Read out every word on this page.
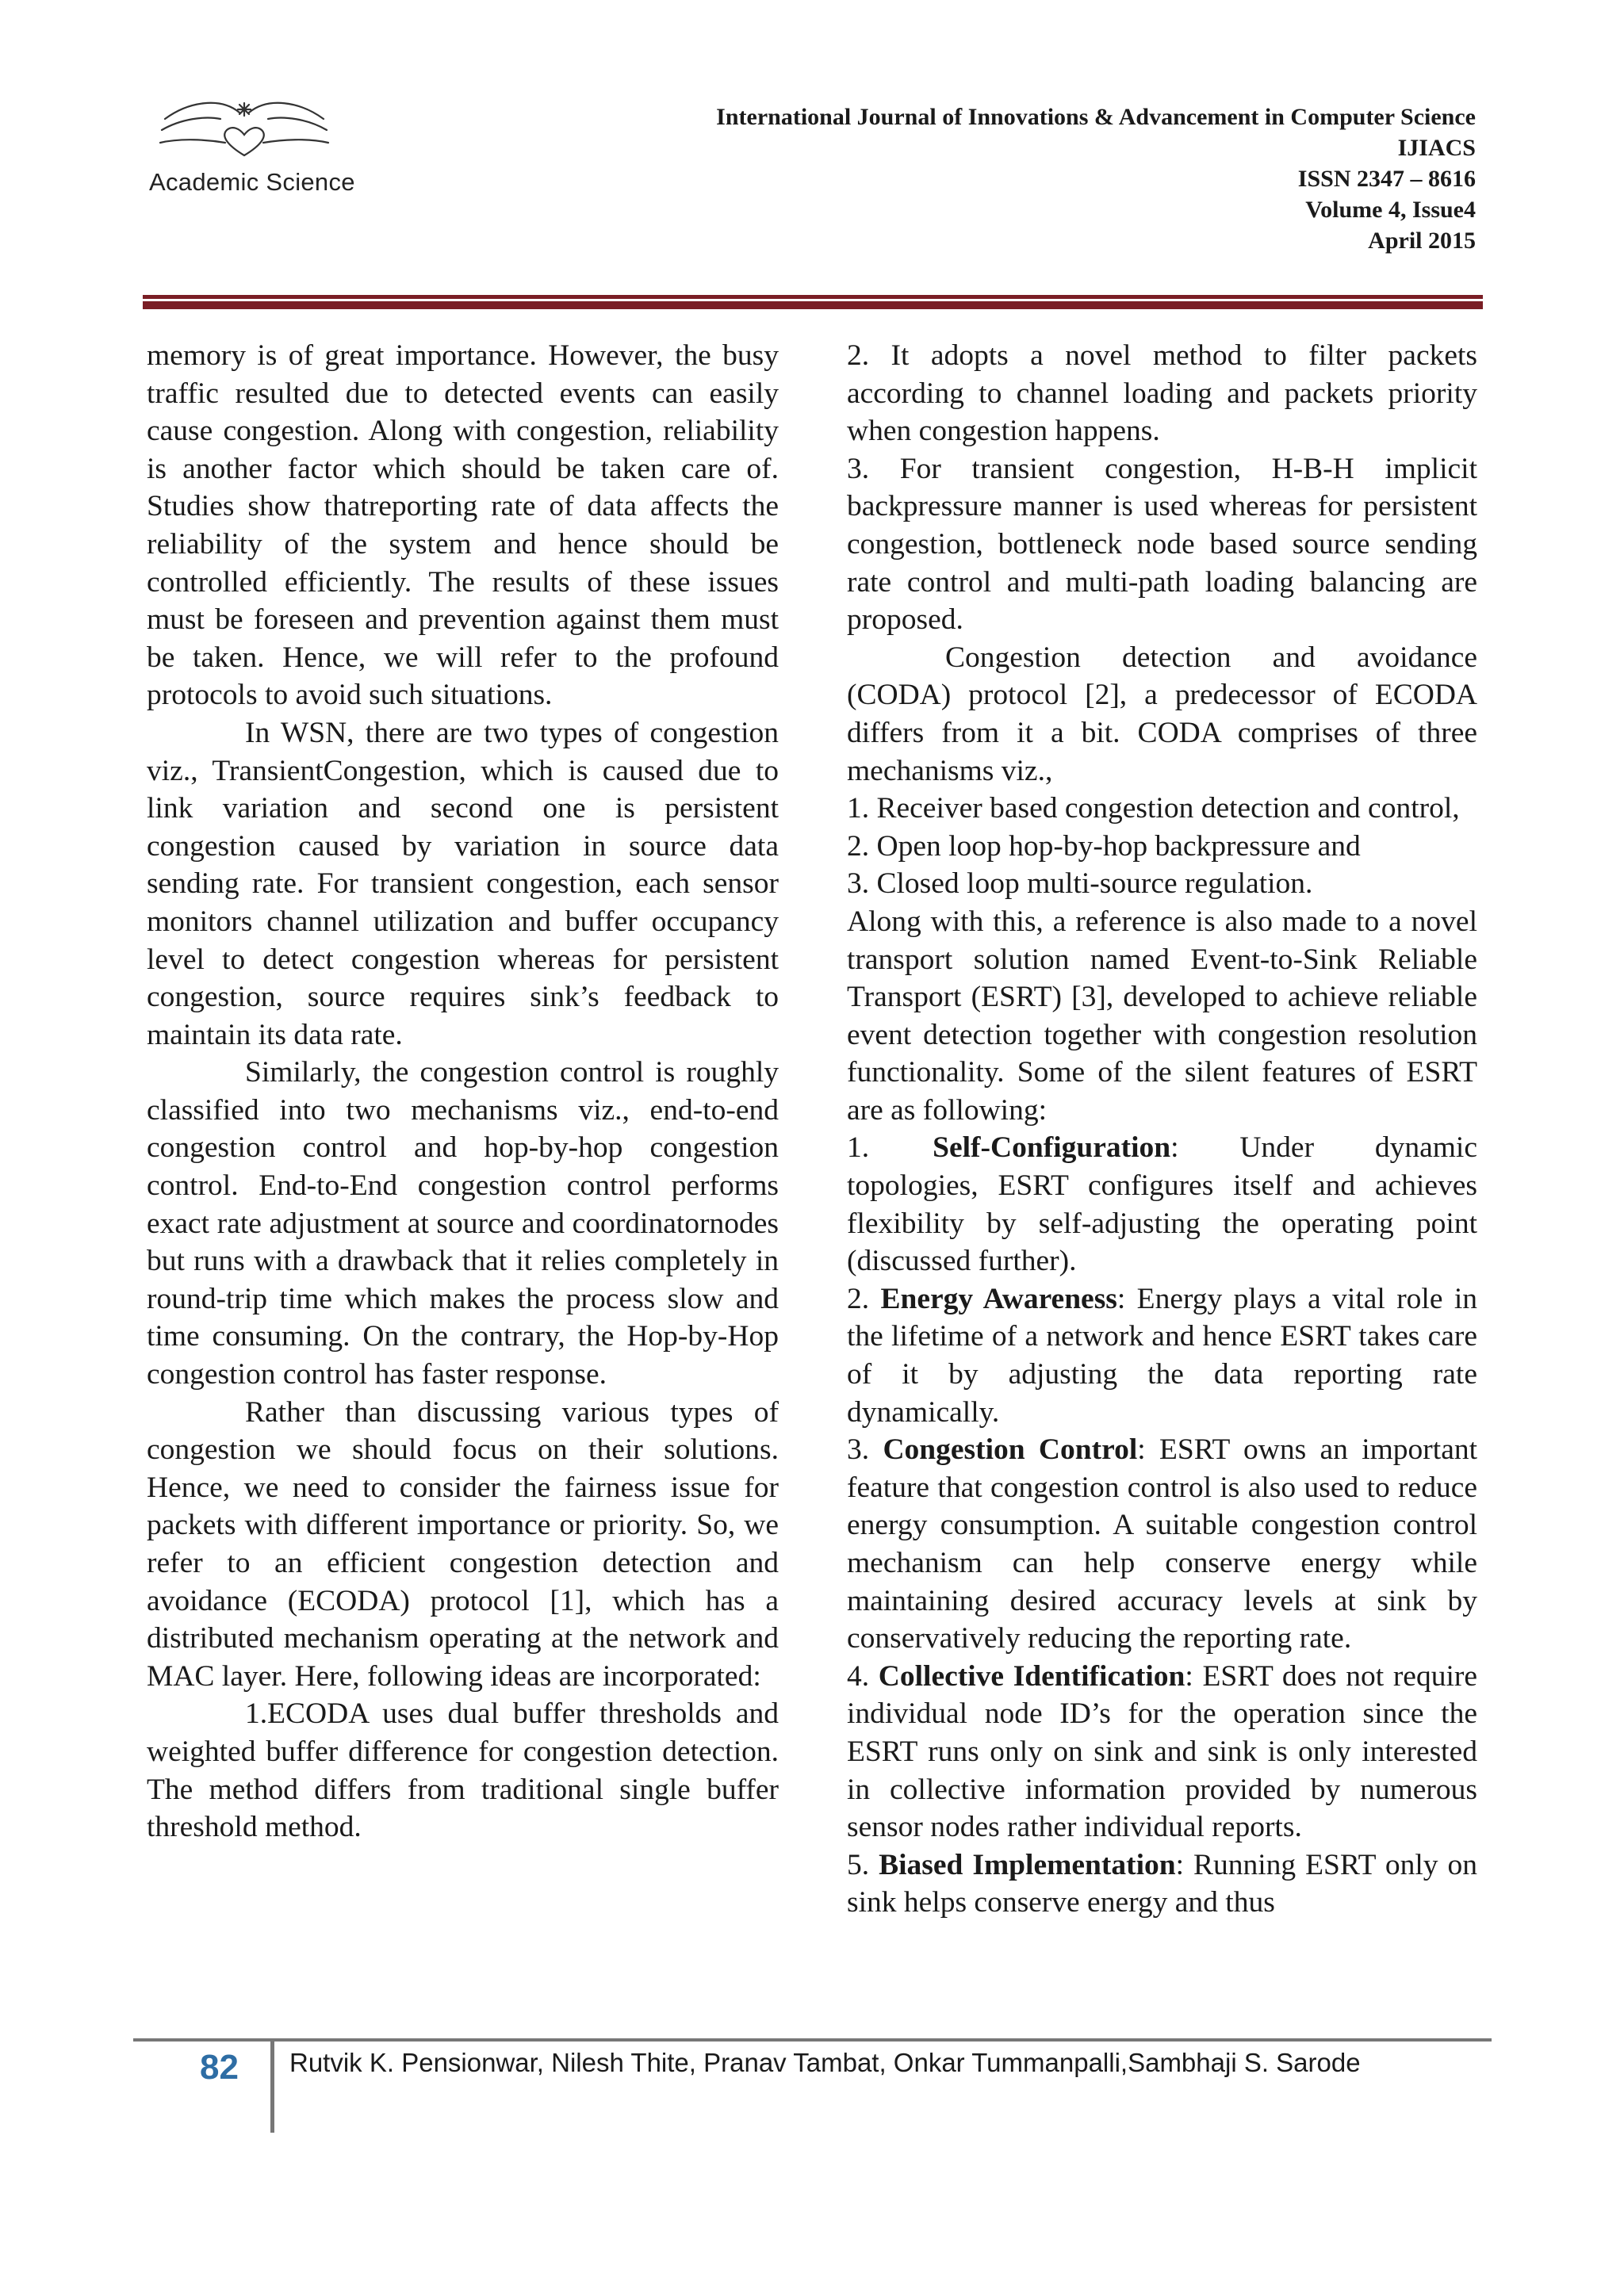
Academic Science
International Journal of Innovations & Advancement in Computer Science
IJIACS
ISSN 2347 – 8616
Volume 4, Issue4
April 2015

memory is of great importance. However, the busy traffic resulted due to detected events can easily cause congestion. Along with congestion, reliability is another factor which should be taken care of. Studies show thatreporting rate of data affects the reliability of the system and hence should be controlled efficiently. The results of these issues must be foreseen and prevention against them must be taken. Hence, we will refer to the profound protocols to avoid such situations.

In WSN, there are two types of congestion viz., TransientCongestion, which is caused due to link variation and second one is persistent congestion caused by variation in source data sending rate. For transient congestion, each sensor monitors channel utilization and buffer occupancy level to detect congestion whereas for persistent congestion, source requires sink’s feedback to maintain its data rate.

Similarly, the congestion control is roughly classified into two mechanisms viz., end-to-end congestion control and hop-by-hop congestion control. End-to-End congestion control performs exact rate adjustment at source and coordinatornodes but runs with a drawback that it relies completely in round-trip time which makes the process slow and time consuming. On the contrary, the Hop-by-Hop congestion control has faster response.

Rather than discussing various types of congestion we should focus on their solutions. Hence, we need to consider the fairness issue for packets with different importance or priority. So, we refer to an efficient congestion detection and avoidance (ECODA) protocol [1], which has a distributed mechanism operating at the network and MAC layer. Here, following ideas are incorporated:

1.ECODA uses dual buffer thresholds and weighted buffer difference for congestion detection. The method differs from traditional single buffer threshold method.

2. It adopts a novel method to filter packets according to channel loading and packets priority when congestion happens.

3. For transient congestion, H-B-H implicit backpressure manner is used whereas for persistent congestion, bottleneck node based source sending rate control and multi-path loading balancing are proposed.

Congestion detection and avoidance (CODA) protocol [2], a predecessor of ECODA differs from it a bit. CODA comprises of three mechanisms viz.,

1. Receiver based congestion detection and control,

2. Open loop hop-by-hop backpressure and

3. Closed loop multi-source regulation.

Along with this, a reference is also made to a novel transport solution named Event-to-Sink Reliable Transport (ESRT) [3], developed to achieve reliable event detection together with congestion resolution functionality. Some of the silent features of ESRT are as following:

1. Self-Configuration: Under dynamic topologies, ESRT configures itself and achieves flexibility by self-adjusting the operating point (discussed further).

2. Energy Awareness: Energy plays a vital role in the lifetime of a network and hence ESRT takes care of it by adjusting the data reporting rate dynamically.

3. Congestion Control: ESRT owns an important feature that congestion control is also used to reduce energy consumption. A suitable congestion control mechanism can help conserve energy while maintaining desired accuracy levels at sink by conservatively reducing the reporting rate.

4. Collective Identification: ESRT does not require individual node ID’s for the operation since the ESRT runs only on sink and sink is only interested in collective information provided by numerous sensor nodes rather individual reports.

5. Biased Implementation: Running ESRT only on sink helps conserve energy and thus

82 Rutvik K. Pensionwar, Nilesh Thite, Pranav Tambat, Onkar Tummanpalli,Sambhaji S. Sarode
